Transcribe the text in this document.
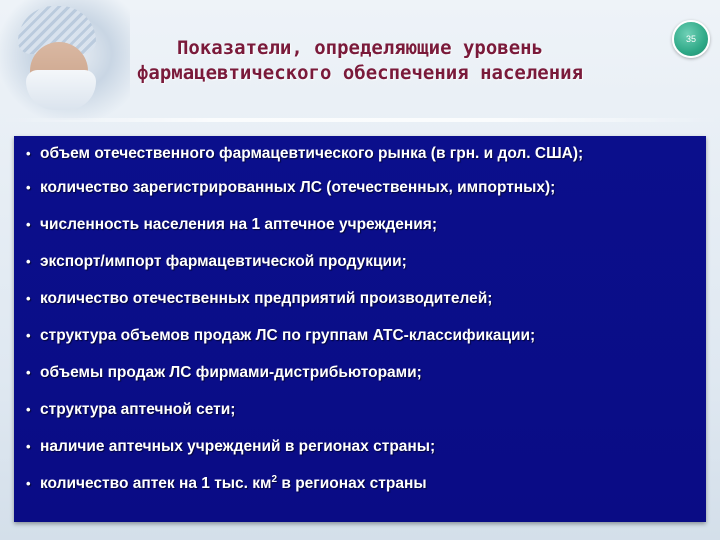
35
Показатели, определяющие уровень
фармацевтического обеспечения населения
• объем отечественного фармацевтического рынка (в грн. и дол. США);
• количество зарегистрированных ЛС (отечественных, импортных);
• численность населения на 1 аптечное учреждения;
• экспорт/импорт фармацевтической продукции;
• количество отечественных предприятий производителей;
• структура объемов продаж ЛС по группам АТС-классификации;
• объемы продаж ЛС фирмами-дистрибьюторами;
• структура аптечной сети;
• наличие аптечных учреждений в регионах страны;
• количество аптек на 1 тыс. $км^2$ в регионах страны
